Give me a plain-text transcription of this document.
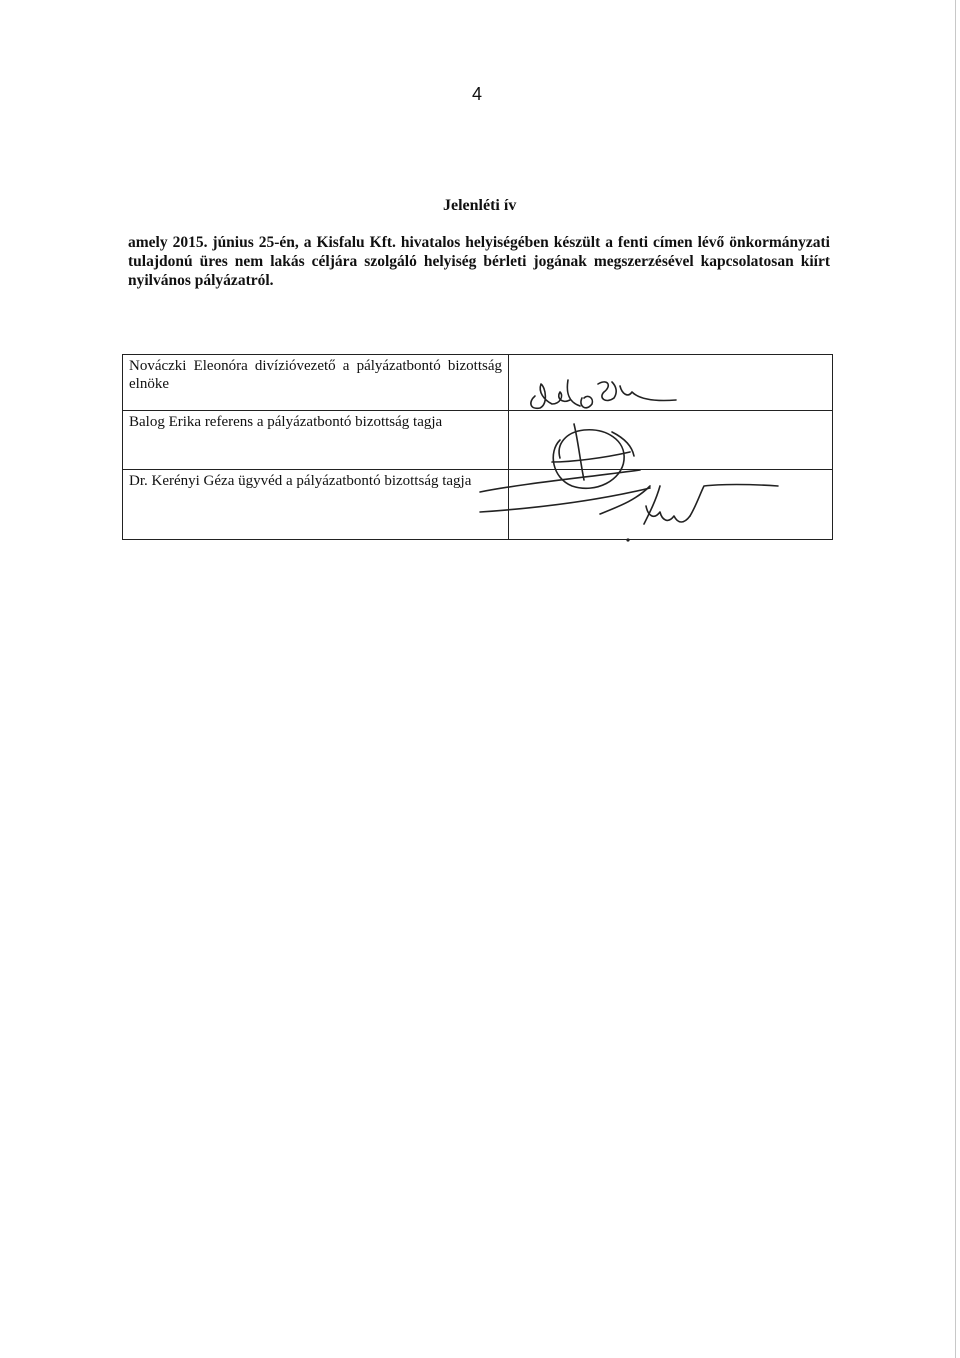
4
Jelenléti ív
amely 2015. június 25-én, a Kisfalu Kft. hivatalos helyiségében készült a fenti címen lévő önkormányzati tulajdonú üres nem lakás céljára szolgáló helyiség bérleti jogának megszerzésével kapcsolatosan kiírt nyilvános pályázatról.
Nováczki Eleonóra divízióvezető a pályázatbontó bizottság elnöke	
Balog Erika referens a pályázatbontó bizottság tagja	
Dr. Kerényi Géza ügyvéd a pályázatbontó bizottság tagja	
